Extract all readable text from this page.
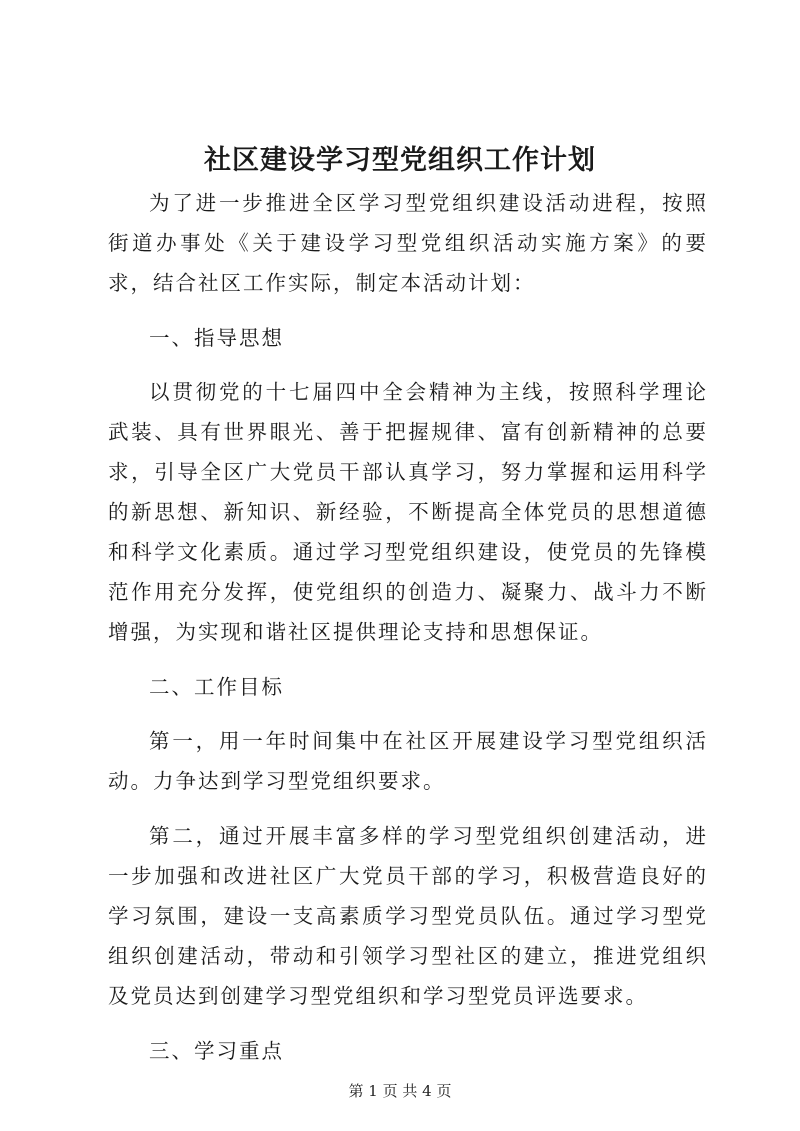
社区建设学习型党组织工作计划

为了进一步推进全区学习型党组织建设活动进程，按照街道办事处《关于建设学习型党组织活动实施方案》的要求，结合社区工作实际，制定本活动计划：

一、指导思想

以贯彻党的十七届四中全会精神为主线，按照科学理论武装、具有世界眼光、善于把握规律、富有创新精神的总要求，引导全区广大党员干部认真学习，努力掌握和运用科学的新思想、新知识、新经验，不断提高全体党员的思想道德和科学文化素质。通过学习型党组织建设，使党员的先锋模范作用充分发挥，使党组织的创造力、凝聚力、战斗力不断增强，为实现和谐社区提供理论支持和思想保证。

二、工作目标

第一，用一年时间集中在社区开展建设学习型党组织活动。力争达到学习型党组织要求。

第二，通过开展丰富多样的学习型党组织创建活动，进一步加强和改进社区广大党员干部的学习，积极营造良好的学习氛围，建设一支高素质学习型党员队伍。通过学习型党组织创建活动，带动和引领学习型社区的建立，推进党组织及党员达到创建学习型党组织和学习型党员评选要求。

三、学习重点

第 1 页 共 4 页
